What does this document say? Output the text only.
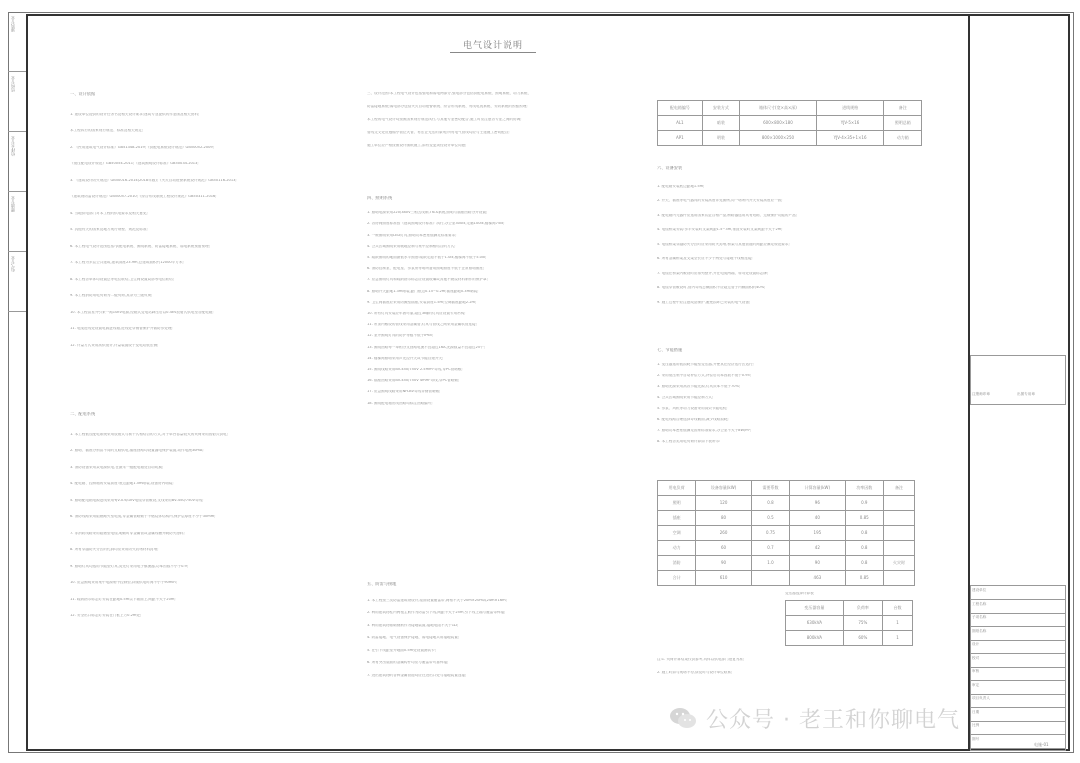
建筑专业
结构专业
给排水专业
暖通专业
电气专业
电气设计说明
一、设计依据
1. 建设单位提供的设计任务书及相关设计要求;建筑专业提供的作业图及相关资料;
本工程执行的国家现行规范、标准及相关规定;
2. 《民用建筑电气设计标准》GB51348-2019;《供配电系统设计规范》GB50052-2009;
《低压配电设计规范》GB50054-2011;《建筑照明设计标准》GB50034-2013;
3. 《建筑设计防火规范》GB50016-2014(2018年版);《火灾自动报警系统设计规范》GB50116-2013;
《建筑物防雷设计规范》GB50057-2010;《综合布线系统工程设计规范》GB50311-2016;
4. 当地供电部门对本工程的供电要求及相关意见;
5. 其他有关的国家及地方现行规程、规范及标准;
6. 本工程电气设计范围包括:供配电系统、照明系统、防雷接地系统、弱电系统预留预埋;
7. 本工程为多层公共建筑,建筑高度23.9m,总建筑面积约12000平方米;
8. 本工程各单体均设置总等电位联结,卫生间设置局部等电位联结;
9. 本工程消防用电负荷为二级负荷,其余为三级负荷;
10. 本工程由室外引来一路10kV电源,经箱式变电站降压后以0.4kV放射式供电至各配电箱;
11. 电缆进线处设置电源进线箱,进线处穿钢管保护并做防水处理;
12. 计量方式采用高供低计,计量装置设于变电站低压侧;
二、配电系统
1. 本工程低压配电系统采用放射式与树干式相结合的方式,对于单台容量较大的负荷采用放射式供电;
2. 照明、插座分别由不同的支路供电,插座回路均设置漏电保护装置,动作电流30mA;
3. 消防设备采用双电源供电,在最末一级配电箱处自动切换;
4. 配电箱、控制箱的安装高度:底边距地1.5m暗装,设备房内明装;
5. 照明配电箱电源进线采用YJV-0.6/1kV电缆穿管敷设,支线采用BV-450/750V导线;
6. 消防线路采用阻燃耐火型电缆,穿金属管暗敷于不燃烧体结构内,保护层厚度不小于30mm;
7. 非消防线路采用阻燃型电缆,明敷时穿金属管或金属线槽并刷防火涂料;
8. 所有穿越防火分区的孔洞均应采用防火封堵材料封堵;
9. 照明灯具均选用节能型灯具,荧光灯采用电子镇流器,功率因数不小于0.9;
10. 应急照明采用集中电源集中控制型,持续供电时间不小于90min;
11. 疏散指示标志灯安装在距地0.5m以下墙面上,间距不大于20m;
12. 安全出口标志灯安装在门框上方0.2m处;
三、设计范围:本工程电气设计包括强电和弱电两部分,强电部分包括供配电系统、照明系统、动力系统、
防雷接地系统;弱电部分包括火灾自动报警系统、综合布线系统、有线电视系统、安防系统的预留预埋;
本工程的电气设计均按照国家现行规范执行,与其他专业密切配合,施工时应注意各专业之间的协调;
管线交叉处应遵循小管让大管、有压让无压的原则;所有电气管线均应与土建施工密切配合;
施工单位应严格按照设计图纸施工,如有变更须经设计单位同意;
四、照明系统
1. 照明电源采用220/380V三相五线制,TN-S系统,照明与插座回路分开设置;
2. 各房间照度标准按《建筑照明设计标准》执行,办公室300lx,走廊100lx,楼梯间75lx;
3. 一般照明采用LED灯具,照明功率密度值满足标准要求;
4. 公共区域照明采用就地控制与集中控制相结合的方式;
5. 疏散照明的地面最低水平照度:疏散走道不低于1.0lx,楼梯间不低于5.0lx;
6. 消防控制室、配电室、水泵房等场所备用照明照度不低于正常照明照度;
7. 应急照明灯具和疏散指示标志应设置玻璃或其他不燃烧材料制作的保护罩;
8. 照明开关距地1.3m暗装,距门框边0.15~0.2m;插座距地0.3m暗装;
9. 卫生间插座应采用防溅型插座,安装高度1.5m;空调插座距地2.2m;
10. 所有灯具安装应牢固可靠,超过3kg的灯具应设置专用吊钩;
11. 吊顶内敷设的管线采用金属管,灯具与管线之间采用金属软管连接;
12. 室外照明灯具的防护等级不低于IP65;
13. 照明回路每一单相分支回路电流不宜超过16A,光源数量不宜超过25个;
14. 楼梯间照明采用声光控开关或节能自熄开关;
15. 照明线路采用BV-450/750V 2.5mm²导线,穿PC管暗敷;
16. 插座回路采用BV-450/750V 4mm²导线,穿PC管暗敷;
17. 应急照明线路采用NH-BV导线穿钢管暗敷;
18. 照明配电箱出线回路均标注回路编号;
五、防雷与接地
1. 本工程按三类防雷建筑物设计,屋面设置避雷带,网格不大于20m×20m或24m×16m;
2. 利用建筑物柱内两根主筋作为防雷引下线,间距不大于25m,引下线上端与避雷带焊接;
3. 利用建筑物基础钢筋作为接地装置,接地电阻不大于1Ω;
4. 防雷接地、电气设备保护接地、弱电接地共用接地装置;
5. 在引下线距室外地面0.5m处设置测试卡;
6. 所有突出屋面的金属构件均应与避雷带可靠焊接;
7. 进出建筑物的各种金属管道均应在进出口处与接地装置连接;
配电箱编号	安装方式	箱体尺寸(宽×高×深)	进线规格	备注
AL1	暗装	600×800×180	YJV-5×16	照明总箱
AP1	明装	800×1000×250	YJV-4×35+1×16	动力箱
六、设备安装
1. 配电箱安装底边距地1.5m;
2. 开关、插座等电气器具的安装高度详见图例,同一场所内开关安装高度应一致;
3. 配电箱内元器件应选用国家认证合格产品,断路器选用具有短路、过载保护功能的产品;
4. 电缆桥架安装:水平安装时支架间距1.5~3m,垂直安装时支架间距不大于2m;
5. 电缆桥架穿越防火分区时应采用防火封堵,桥架与其他管道的间距应满足规范要求;
6. 所有金属桥架及支架全长应不少于两处与接地干线相连接;
7. 电缆在桥架内敷设时应排列整齐,并在电缆两端、转弯处设置标志牌;
8. 电缆穿管敷设时,管内导线总截面积不应超过管子内截面积的40%;
9. 施工过程中应注意成品保护,避免损坏已安装的电气设备;
七、节能措施
1. 变压器选用低损耗节能型变压器,并使其在经济运行区运行;
2. 采用低压集中自动补偿方式,补偿后功率因数不低于0.95;
3. 照明光源采用高效节能光源,灯具效率不低于70%;
4. 公共区域照明采用节能控制方式;
5. 水泵、风机等动力设备采用高效节能电机;
6. 配电线路合理选择导线截面,减少线路损耗;
7. 照明功率密度值满足国家标准要求,办公室不大于8W/m²;
8. 本工程各类用电负荷计算如下表所示:
用电负荷	设备容量(kW)	需要系数	计算容量(kW)	功率因数	备注
照明	120	0.8	96	0.9	
插座	80	0.5	40	0.85	
空调	260	0.75	195	0.8	
动力	60	0.7	42	0.8	
消防	90	1.0	90	0.8	火灾时
合计	610		463	0.85	
变压器选择计算表
变压器容量	负荷率	台数
630kVA	75%	1
800kVA	60%	1
注:1. 负荷计算结果仅供参考,具体以供电部门批复为准;
2. 施工时如与现场不符,请及时与设计单位联系;
注册师印章	出图专用章
建设单位
工程名称
子项名称
图纸名称
设计
校对
审核
审定
项目负责人
日期
比例
图号
公众号 · 老王和你聊电气
电施-01
